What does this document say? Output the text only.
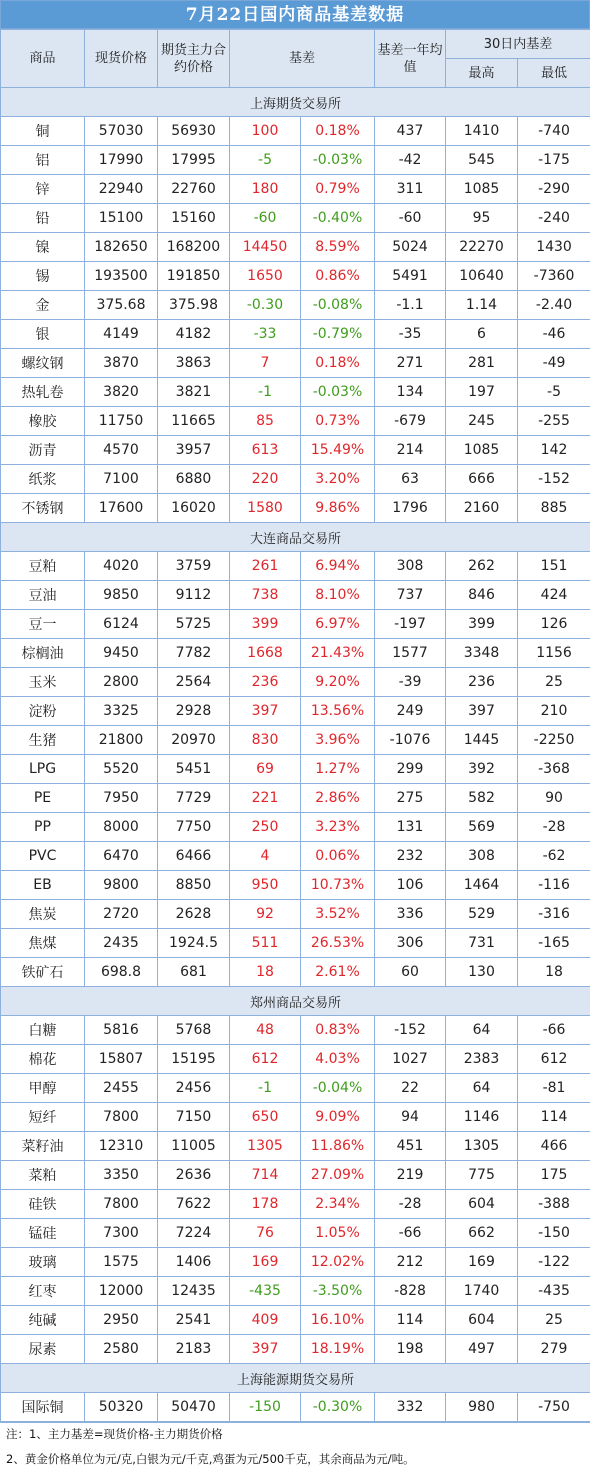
7月22日国内商品基差数据
商品	现货价格	期货主力合约价格	基差		基差一年均值	30日内基差	
						最高	最低
上海期货交易所							
铜	57030	56930	100	0.18%	437	1410	-740
铝	17990	17995	-5	-0.03%	-42	545	-175
锌	22940	22760	180	0.79%	311	1085	-290
铅	15100	15160	-60	-0.40%	-60	95	-240
镍	182650	168200	14450	8.59%	5024	22270	1430
锡	193500	191850	1650	0.86%	5491	10640	-7360
金	375.68	375.98	-0.30	-0.08%	-1.1	1.14	-2.40
银	4149	4182	-33	-0.79%	-35	6	-46
螺纹钢	3870	3863	7	0.18%	271	281	-49
热轧卷	3820	3821	-1	-0.03%	134	197	-5
橡胶	11750	11665	85	0.73%	-679	245	-255
沥青	4570	3957	613	15.49%	214	1085	142
纸浆	7100	6880	220	3.20%	63	666	-152
不锈钢	17600	16020	1580	9.86%	1796	2160	885
大连商品交易所							
豆粕	4020	3759	261	6.94%	308	262	151
豆油	9850	9112	738	8.10%	737	846	424
豆一	6124	5725	399	6.97%	-197	399	126
棕榈油	9450	7782	1668	21.43%	1577	3348	1156
玉米	2800	2564	236	9.20%	-39	236	25
淀粉	3325	2928	397	13.56%	249	397	210
生猪	21800	20970	830	3.96%	-1076	1445	-2250
LPG	5520	5451	69	1.27%	299	392	-368
PE	7950	7729	221	2.86%	275	582	90
PP	8000	7750	250	3.23%	131	569	-28
PVC	6470	6466	4	0.06%	232	308	-62
EB	9800	8850	950	10.73%	106	1464	-116
焦炭	2720	2628	92	3.52%	336	529	-316
焦煤	2435	1924.5	511	26.53%	306	731	-165
铁矿石	698.8	681	18	2.61%	60	130	18
郑州商品交易所							
白糖	5816	5768	48	0.83%	-152	64	-66
棉花	15807	15195	612	4.03%	1027	2383	612
甲醇	2455	2456	-1	-0.04%	22	64	-81
短纤	7800	7150	650	9.09%	94	1146	114
菜籽油	12310	11005	1305	11.86%	451	1305	466
菜粕	3350	2636	714	27.09%	219	775	175
硅铁	7800	7622	178	2.34%	-28	604	-388
锰硅	7300	7224	76	1.05%	-66	662	-150
玻璃	1575	1406	169	12.02%	212	169	-122
红枣	12000	12435	-435	-3.50%	-828	1740	-435
纯碱	2950	2541	409	16.10%	114	604	25
尿素	2580	2183	397	18.19%	198	497	279
上海能源期货交易所							
国际铜	50320	50470	-150	-0.30%	332	980	-750
注：1、主力基差=现货价格-主力期货价格
2、黄金价格单位为元/克,白银为元/千克,鸡蛋为元/500千克，其余商品为元/吨。
